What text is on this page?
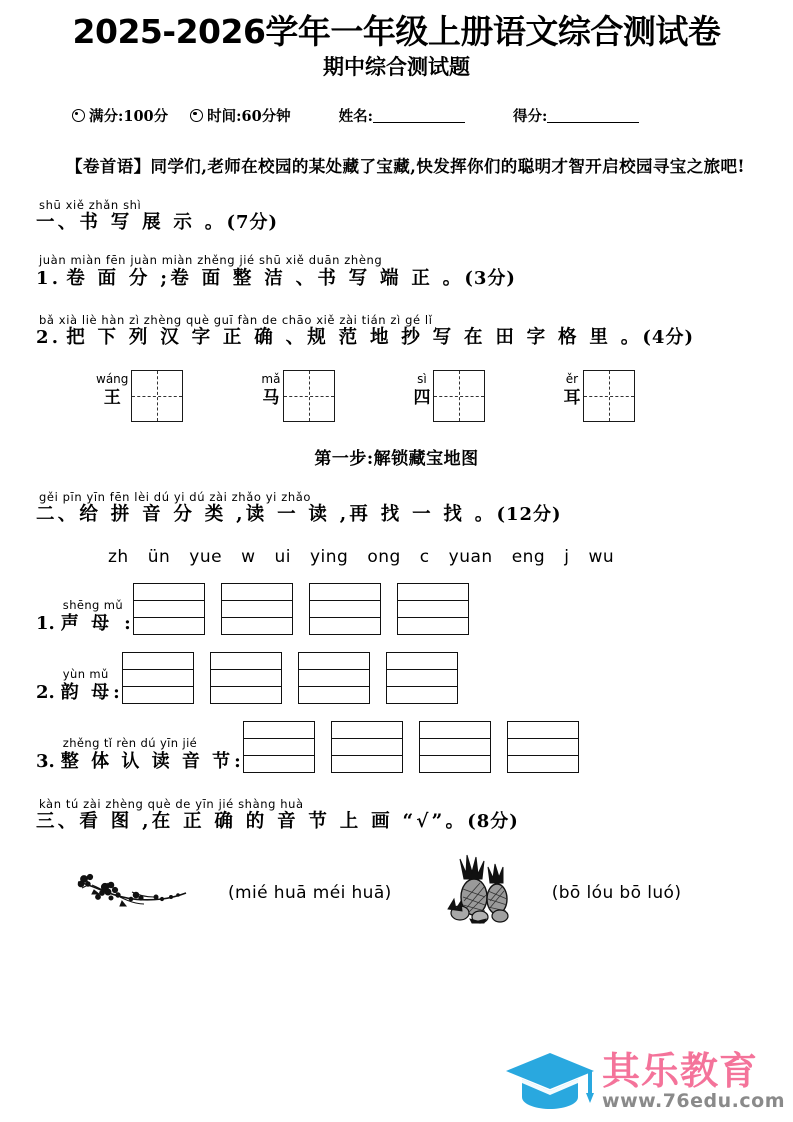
2025-2026学年一年级上册语文综合测试卷
期中综合测试题
满分:100分	时间:60分钟	姓名:	得分:
【卷首语】同学们,老师在校园的某处藏了宝藏,快发挥你们的聪明才智开启校园寻宝之旅吧!
shū xiě zhǎn shì
一、书 写 展 示 。(7分)
juàn miàn fēn juàn miàn zhěng jié shū xiě duān zhèng
1. 卷 面 分 ;卷 面 整 洁 、书 写 端 正 。(3分)
bǎ xià liè hàn zì zhèng què guī fàn de chāo xiě zài tián zì gé lǐ
2. 把 下 列 汉 字 正 确 、规 范 地 抄 写 在 田 字 格 里 。(4分)
wáng
王
mǎ
马
sì
四
ěr
耳
第一步:解锁藏宝地图
gěi pīn yīn fēn lèi dú yi dú zài zhǎo yi zhǎo
二、给 拼 音 分 类 ,读 一 读 ,再 找 一 找 。(12分)
zh ün yue w ui ying ong c yuan eng j wu
1.
shēng mǔ
声 母 :
2.
yùn mǔ
韵 母 :
3.
zhěng tǐ rèn dú yīn jié
整 体 认 读 音 节 :
kàn tú zài zhèng què de yīn jié shàng huà
三、看 图 ,在 正 确 的 音 节 上 画 “√”。(8分)
(mié huā méi huā)	(bō lóu bō luó)
其乐教育
www.76edu.com
